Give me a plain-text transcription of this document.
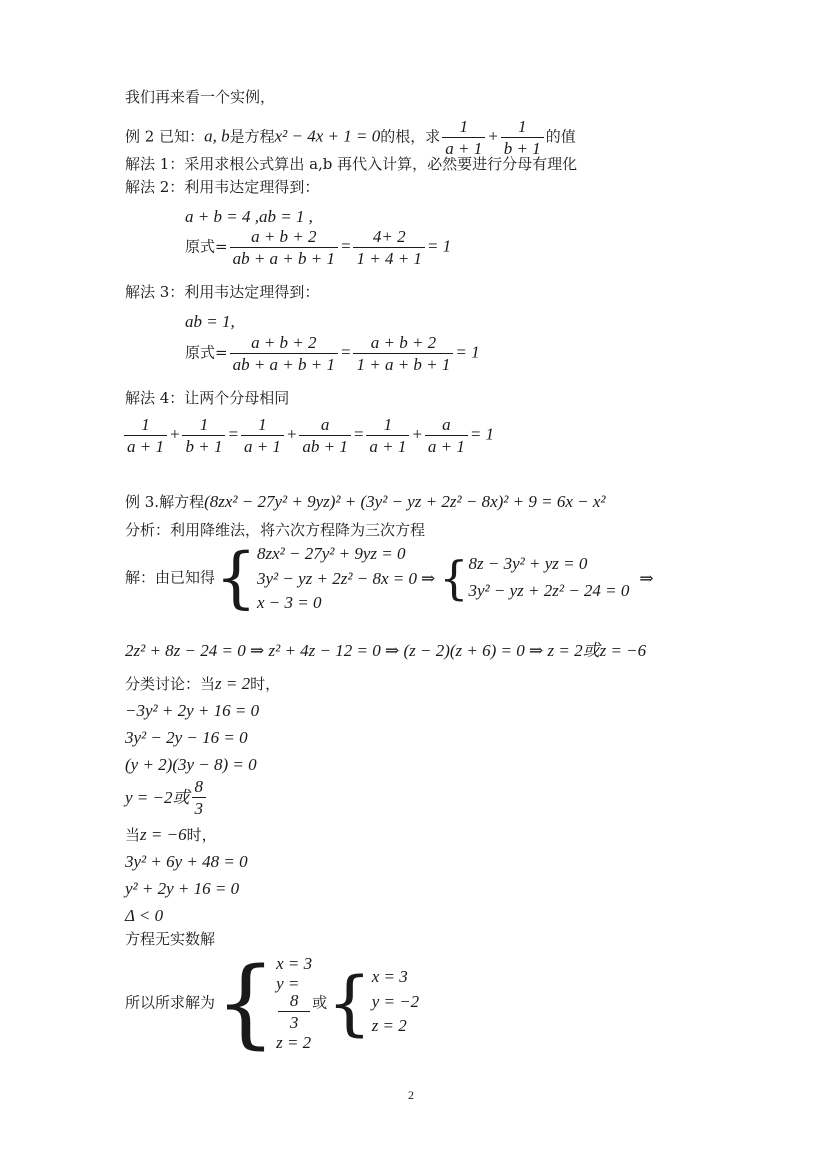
我们再来看一个实例，
例 2 已知：a, b是方程x² − 4x + 1 = 0的根，求 $\frac{1}{a + 1} + \frac{1}{b + 1}$ 的值
解法 1：采用求根公式算出 a,b 再代入计算，必然要进行分母有理化
解法 2：利用韦达定理得到：
a + b = 4 ,ab = 1 ,
原式= $\frac{a + b + 2}{ab + a + b + 1} = \frac{4+ 2}{1 + 4 + 1} = 1$
解法 3：利用韦达定理得到：
ab = 1,
原式= $\frac{a + b + 2}{ab + a + b + 1} = \frac{a + b + 2}{1 + a + b + 1} = 1$
解法 4：让两个分母相同
$\frac{1}{a + 1} + \frac{1}{b + 1} = \frac{1}{a + 1} + \frac{a}{ab + 1} = \frac{1}{a + 1} + \frac{a}{a + 1} = 1$
例 3.解方程(8zx² − 27y² + 9yz)² + (3y² − yz + 2z² − 8x)² + 9 = 6x − x²
分析：利用降维法，将六次方程降为三次方程
解：由已知得 { 8zx² − 27y² + 9yz = 0
3y² − yz + 2z² − 8x = 0
x − 3 = 0
⇒ { 8z − 3y² + yz = 0
3y² − yz + 2z² − 24 = 0
⇒
2z² + 8z − 24 = 0 ⇒ z² + 4z − 12 = 0 ⇒ (z − 2)(z + 6) = 0 ⇒ z = 2或z = −6
分类讨论：当z = 2时，
−3y² + 2y + 16 = 0
3y² − 2y − 16 = 0
(y + 2)(3y − 8) = 0
y = −2或 $\frac{8}{3}$
当z = −6时，
3y² + 6y + 48 = 0
y² + 2y + 16 = 0
Δ < 0
方程无实数解
所以所求解为 { x = 3
y =
8
3
z = 2
或 { x = 3
y = −2
z = 2
2
